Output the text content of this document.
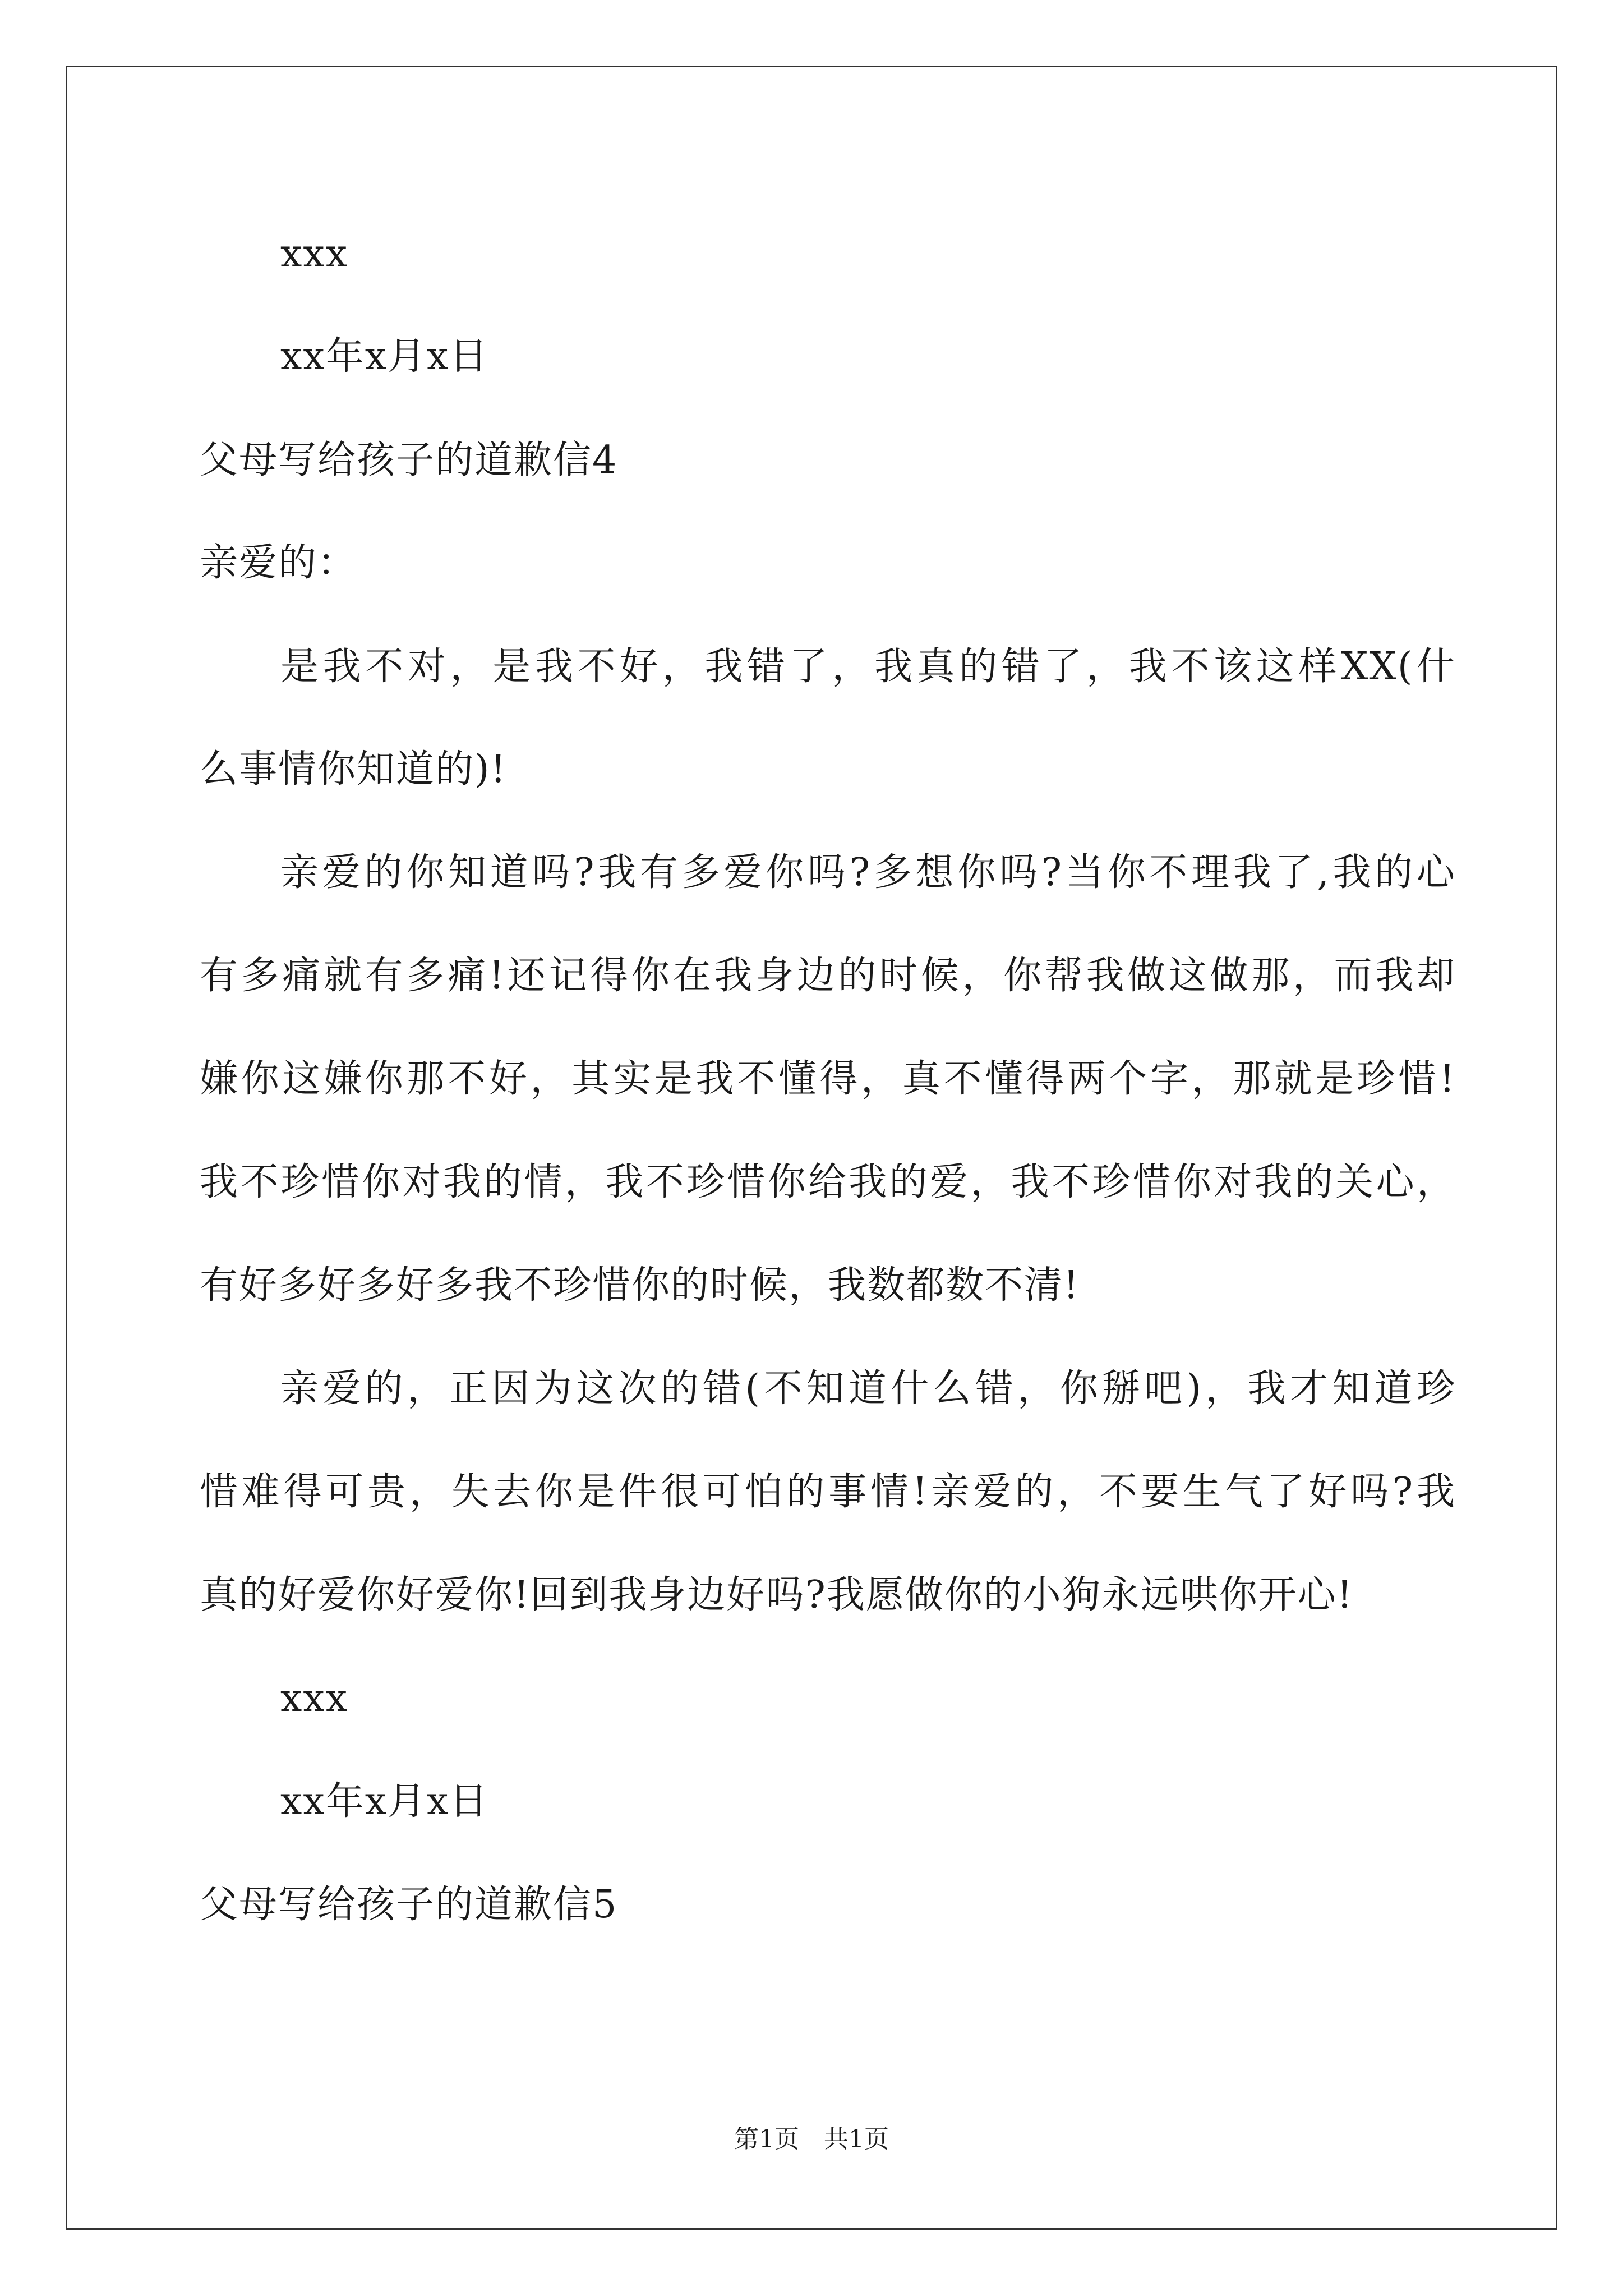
xxx
xx年x月x日
父母写给孩子的道歉信4
亲爱的：
是我不对，是我不好，我错了，我真的错了，我不该这样XX(什
么事情你知道的)!
亲爱的你知道吗?我有多爱你吗?多想你吗?当你不理我了,我的心
有多痛就有多痛!还记得你在我身边的时候，你帮我做这做那，而我却
嫌你这嫌你那不好，其实是我不懂得，真不懂得两个字，那就是珍惜!
我不珍惜你对我的情，我不珍惜你给我的爱，我不珍惜你对我的关心，
有好多好多好多我不珍惜你的时候，我数都数不清!
亲爱的，正因为这次的错(不知道什么错，你掰吧)，我才知道珍
惜难得可贵，失去你是件很可怕的事情!亲爱的，不要生气了好吗?我
真的好爱你好爱你!回到我身边好吗?我愿做你的小狗永远哄你开心!
xxx
xx年x月x日
父母写给孩子的道歉信5
第1页　共1页
